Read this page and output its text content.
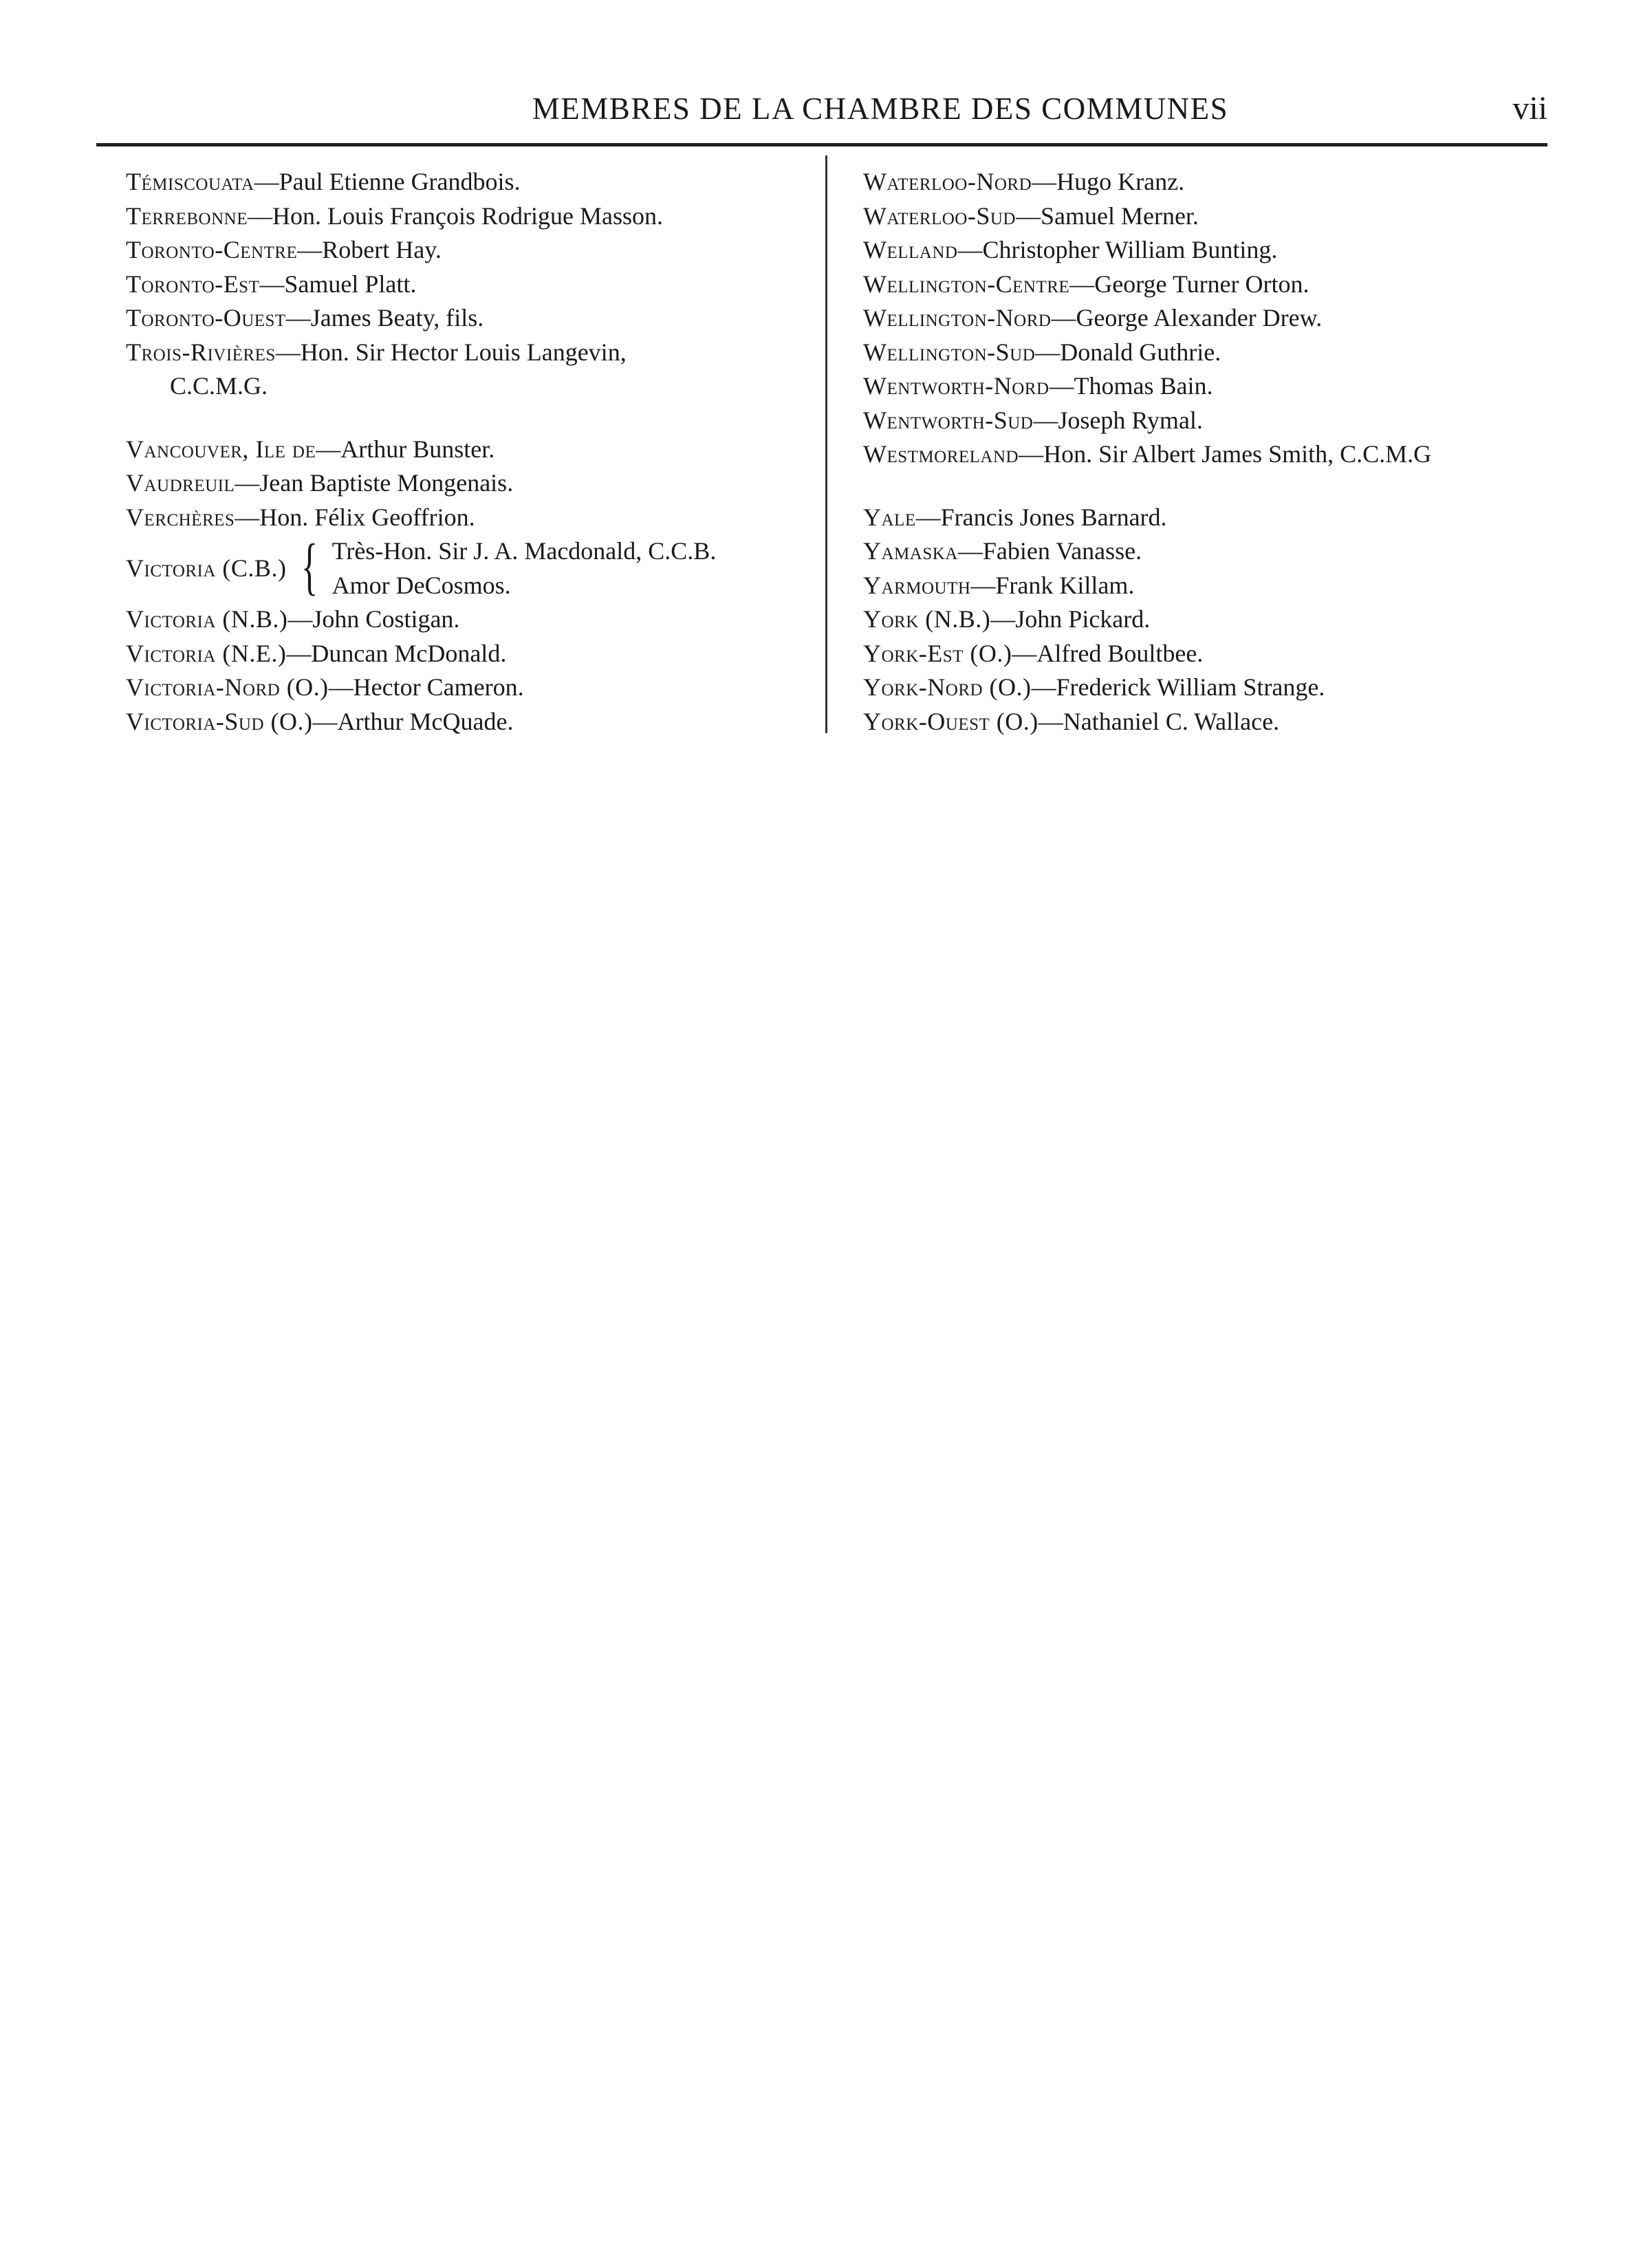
MEMBRES DE LA CHAMBRE DES COMMUNES	vii
Témiscouata—Paul Etienne Grandbois.
Terrebonne—Hon. Louis François Rodrigue Masson.
Toronto-Centre—Robert Hay.
Toronto-Est—Samuel Platt.
Toronto-Ouest—James Beaty, fils.
Trois-Rivières—Hon. Sir Hector Louis Langevin,
C.C.M.G.
Vancouver, Ile de—Arthur Bunster.
Vaudreuil—Jean Baptiste Mongenais.
Verchères—Hon. Félix Geoffrion.
Victoria (C.B.) { Très-Hon. Sir J. A. Macdonald, C.C.B.
Amor DeCosmos.
Victoria (N.B.)—John Costigan.
Victoria (N.E.)—Duncan McDonald.
Victoria-Nord (O.)—Hector Cameron.
Victoria-Sud (O.)—Arthur McQuade.
Waterloo-Nord—Hugo Kranz.
Waterloo-Sud—Samuel Merner.
Welland—Christopher William Bunting.
Wellington-Centre—George Turner Orton.
Wellington-Nord—George Alexander Drew.
Wellington-Sud—Donald Guthrie.
Wentworth-Nord—Thomas Bain.
Wentworth-Sud—Joseph Rymal.
Westmoreland—Hon. Sir Albert James Smith, C.C.M.G
Yale—Francis Jones Barnard.
Yamaska—Fabien Vanasse.
Yarmouth—Frank Killam.
York (N.B.)—John Pickard.
York-Est (O.)—Alfred Boultbee.
York-Nord (O.)—Frederick William Strange.
York-Ouest (O.)—Nathaniel C. Wallace.
